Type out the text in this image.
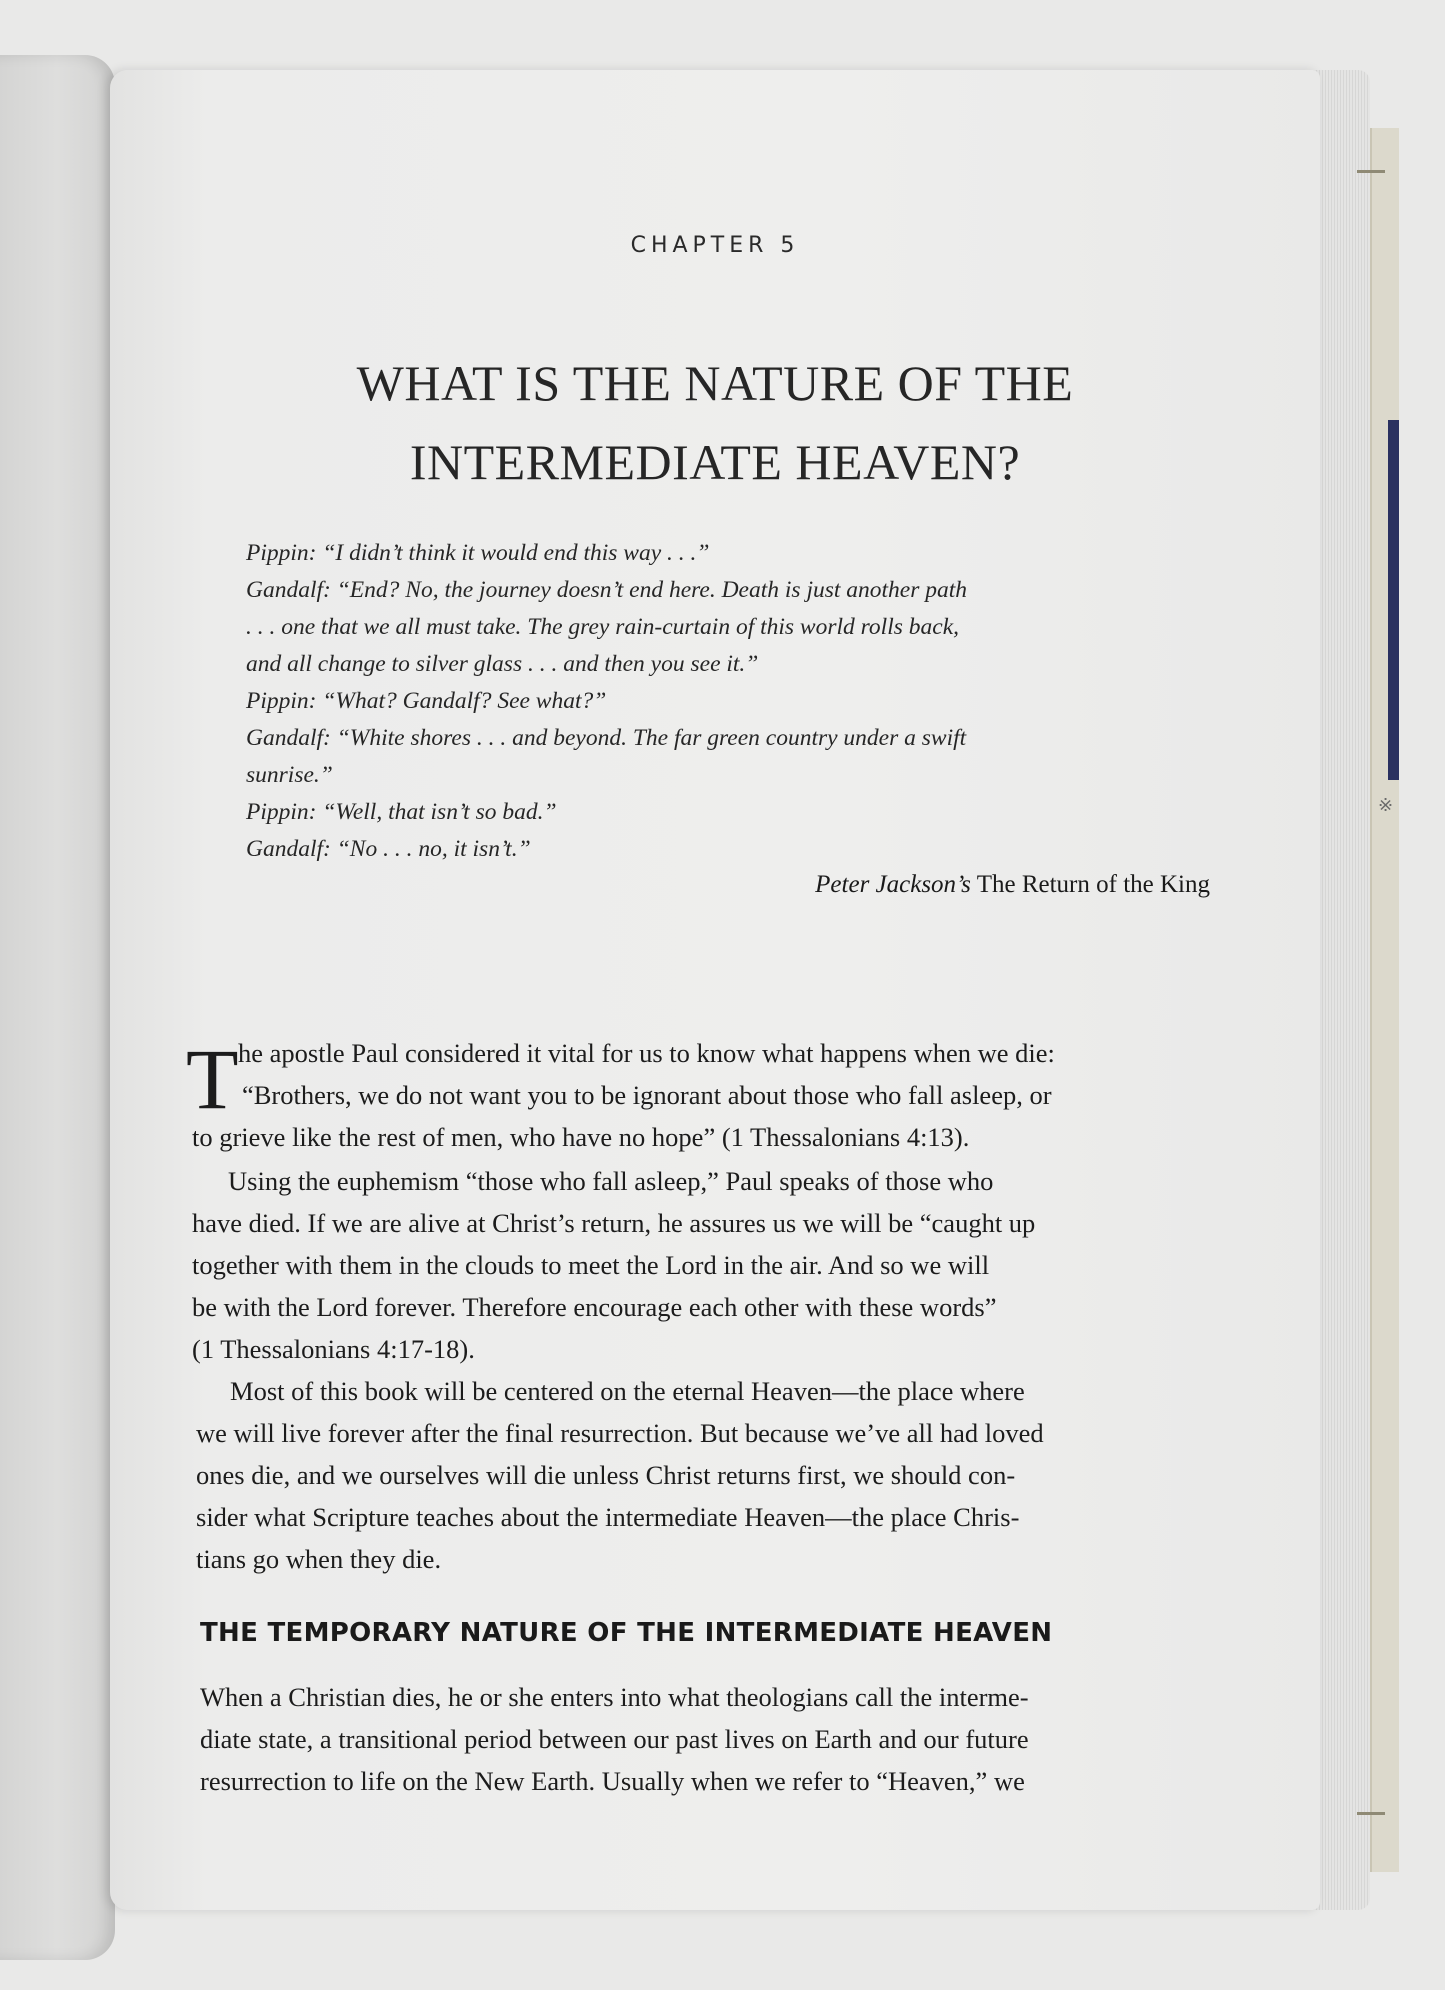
※
CHAPTER 5
WHAT IS THE NATURE OF THE
INTERMEDIATE HEAVEN?
Pippin: “I didn’t think it would end this way . . .”
Gandalf: “End? No, the journey doesn’t end here. Death is just another path
. . . one that we all must take. The grey rain-curtain of this world rolls back,
and all change to silver glass . . . and then you see it.”
Pippin: “What? Gandalf? See what?”
Gandalf: “White shores . . . and beyond. The far green country under a swift
sunrise.”
Pippin: “Well, that isn’t so bad.”
Gandalf: “No . . . no, it isn’t.”
Peter Jackson’s The Return of the King
T he apostle Paul considered it vital for us to know what happens when we die:
“Brothers, we do not want you to be ignorant about those who fall asleep, or
to grieve like the rest of men, who have no hope” (1 Thessalonians 4:13).
Using the euphemism “those who fall asleep,” Paul speaks of those who
have died. If we are alive at Christ’s return, he assures us we will be “caught up
together with them in the clouds to meet the Lord in the air. And so we will
be with the Lord forever. Therefore encourage each other with these words”
(1 Thessalonians 4:17-18).
Most of this book will be centered on the eternal Heaven—the place where
we will live forever after the final resurrection. But because we’ve all had loved
ones die, and we ourselves will die unless Christ returns first, we should con-
sider what Scripture teaches about the intermediate Heaven—the place Chris-
tians go when they die.
THE TEMPORARY NATURE OF THE INTERMEDIATE HEAVEN
When a Christian dies, he or she enters into what theologians call the interme-
diate state, a transitional period between our past lives on Earth and our future
resurrection to life on the New Earth. Usually when we refer to “Heaven,” we
